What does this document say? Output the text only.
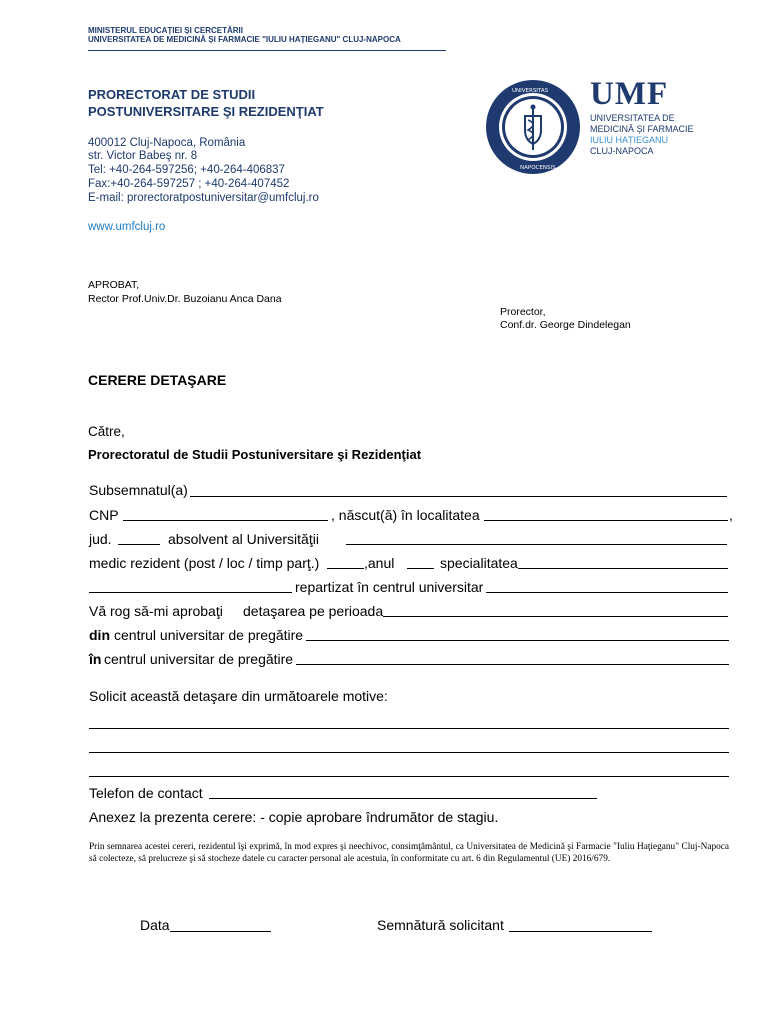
MINISTERUL EDUCAȚIEI ȘI CERCETĂRII
UNIVERSITATEA DE MEDICINĂ ȘI FARMACIE "IULIU HAȚIEGANU" CLUJ-NAPOCA
PRORECTORAT DE STUDII
POSTUNIVERSITARE ŞI REZIDENŢIAT
400012 Cluj-Napoca, România
str. Victor Babeş nr. 8
Tel: +40-264-597256; +40-264-406837
Fax:+40-264-597257 ; +40-264-407452
E-mail: prorectoratpostuniversitar@umfcluj.ro
www.umfcluj.ro
UNIVERSITAS
NAPOCENSIS
UMF
UNIVERSITATEA DE
MEDICINĂ ȘI FARMACIE
IULIU HAȚIEGANU
CLUJ-NAPOCA
APROBAT,
Rector Prof.Univ.Dr. Buzoianu Anca Dana
Prorector,
Conf.dr. George Dindelegan
CERERE DETAŞARE
Către,
Prorectoratul de Studii Postuniversitare şi Rezidenţiat
Subsemnatul(a)
CNP	, născut(ă) în localitatea	,
jud.	absolvent al Universităţii
medic rezident (post / loc / timp parţ.)	,anul	specialitatea
repartizat în centrul universitar
Vă rog să-mi aprobaţi detaşarea pe perioada
din centrul universitar de pregătire
în centrul universitar de pregătire
Solicit această detaşare din următoarele motive:
Telefon de contact
Anexez la prezenta cerere: - copie aprobare îndrumător de stagiu.
Prin semnarea acestei cereri, rezidentul îşi exprimă, în mod expres şi neechivoc, consimţământul, ca Universitatea de Medicină şi Farmacie "Iuliu Haţieganu" Cluj-Napoca să colecteze, să prelucreze şi să stocheze datele cu caracter personal ale acestuia, în conformitate cu art. 6 din Regulamentul (UE) 2016/679.
Data	Semnătură solicitant
